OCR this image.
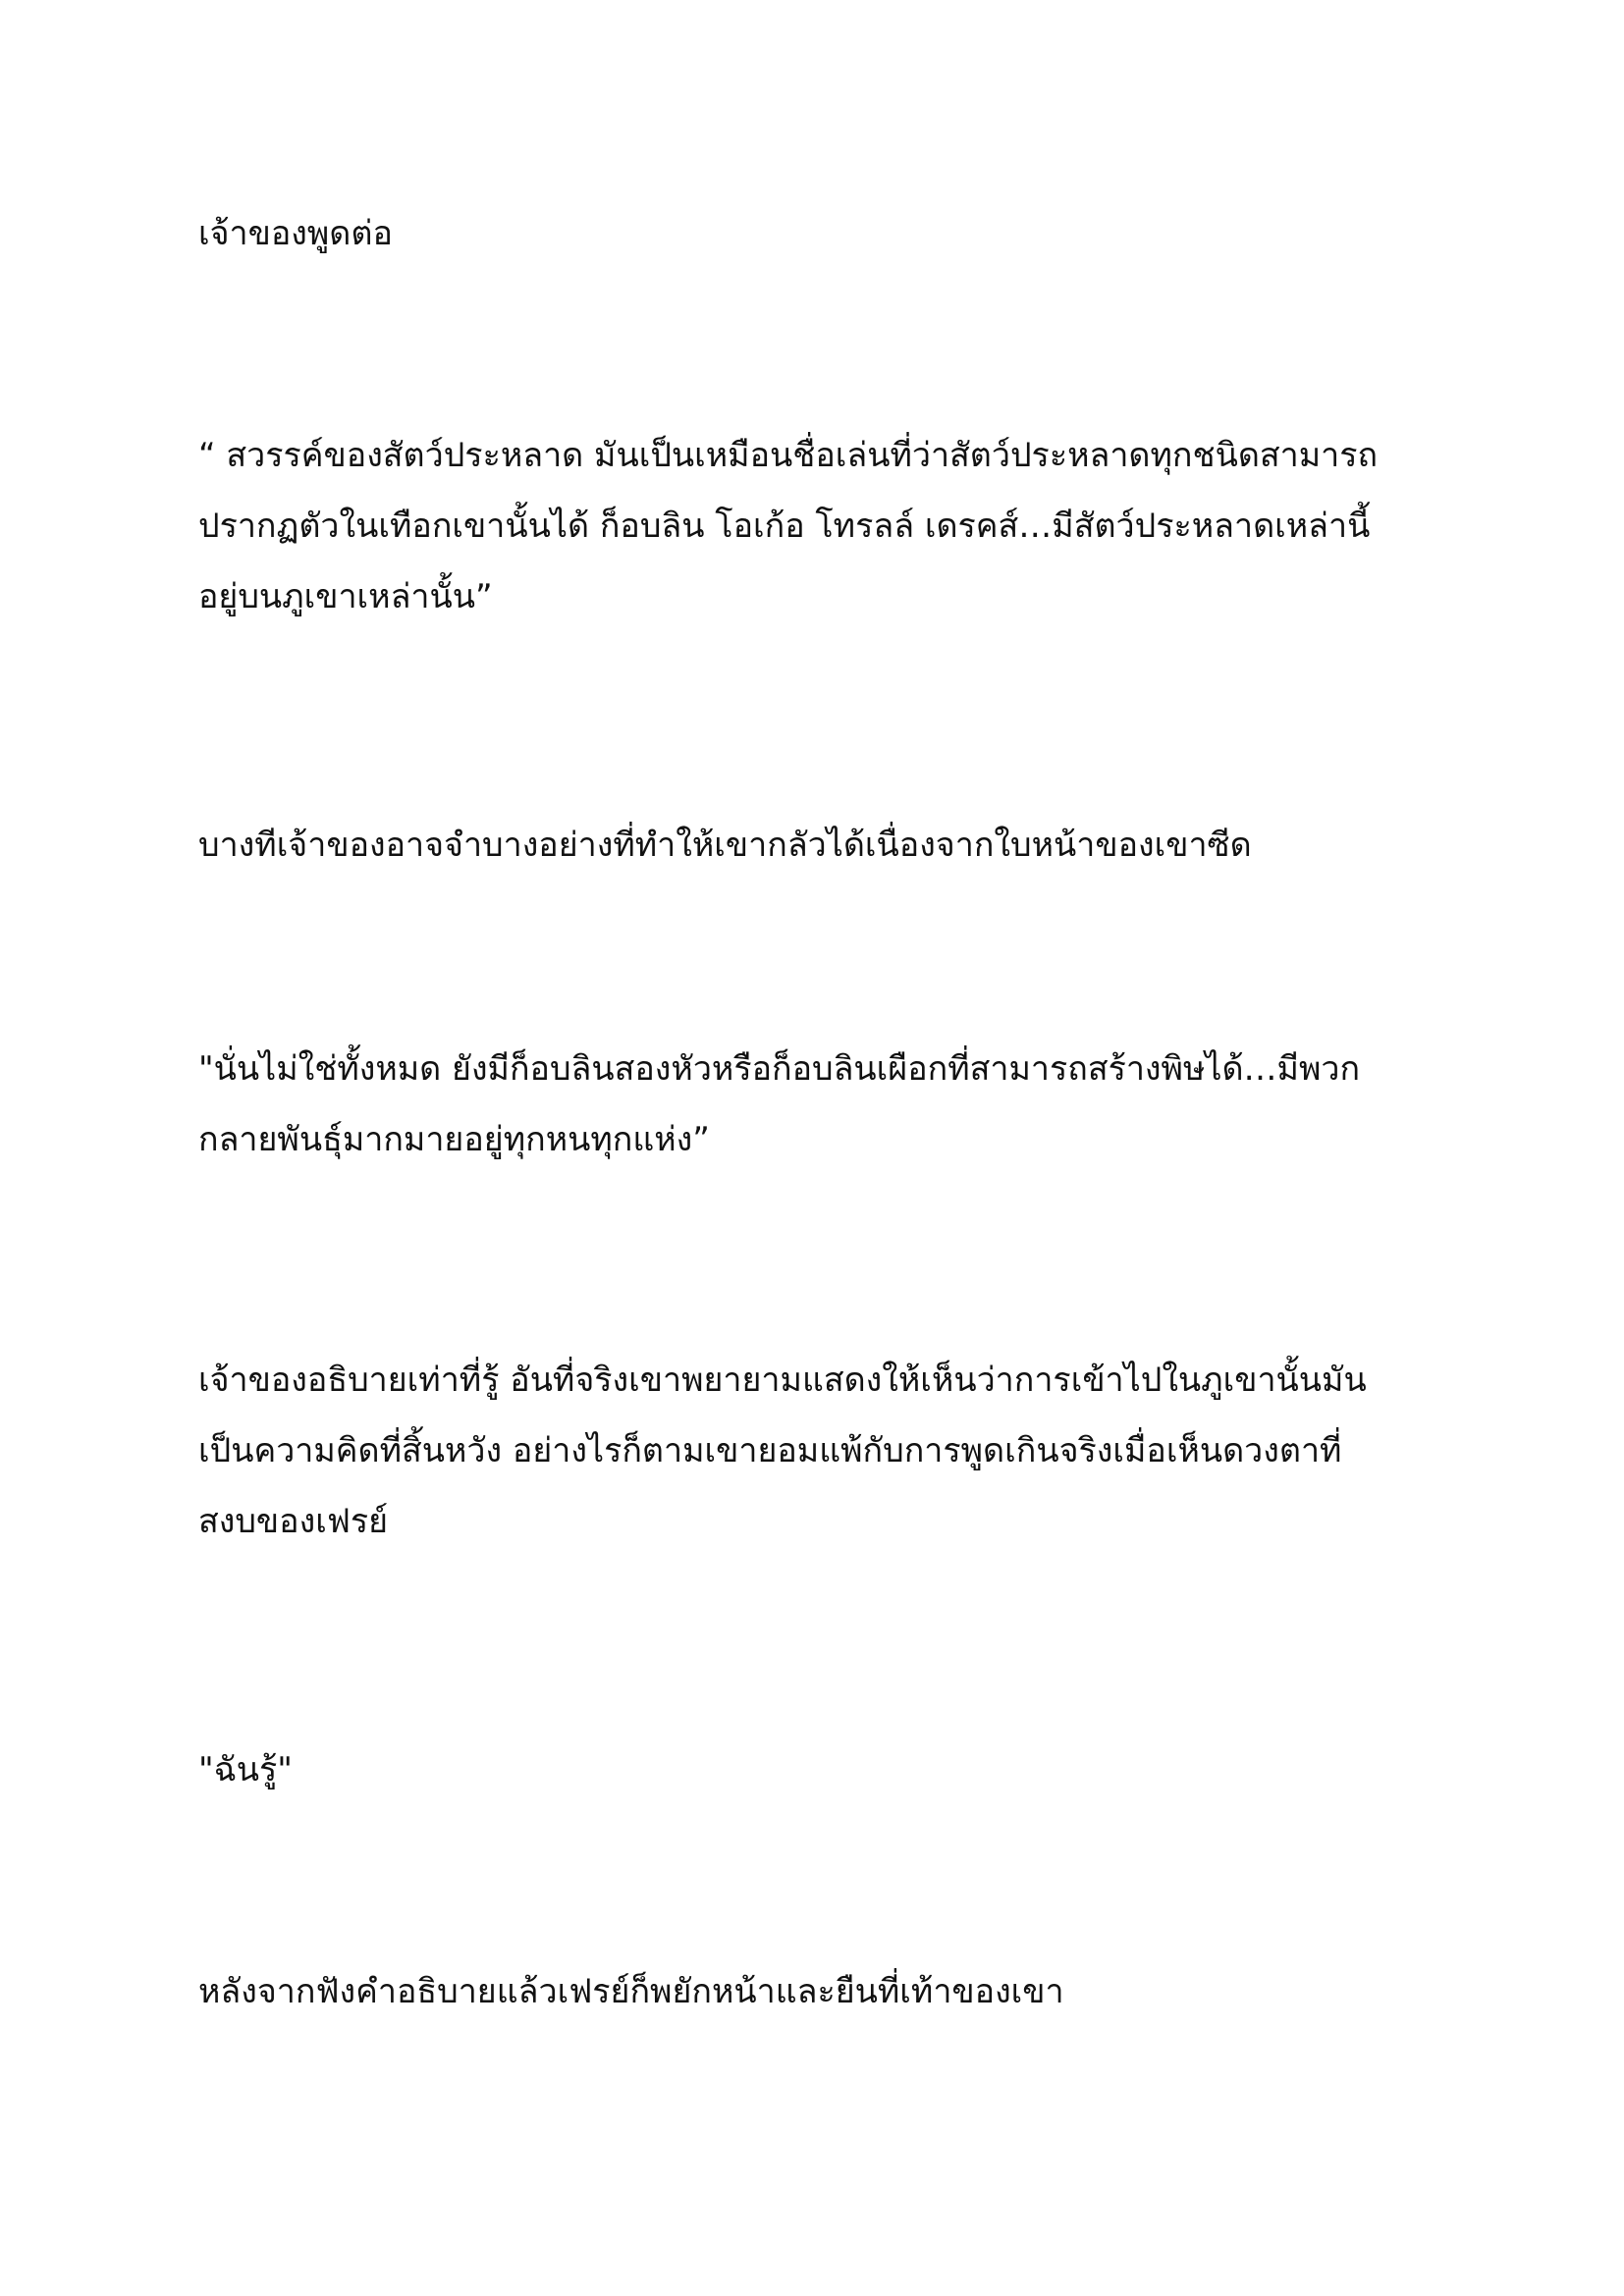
เจ้าของพูดต่อ

“ สวรรค์ของสัตว์ประหลาด มันเป็นเหมือนชื่อเล่นที่ว่าสัตว์ประหลาดทุกชนิดสามารถ
ปรากฏตัวในเทือกเขานั้นได้ ก็อบลิน โอเก้อ โทรลล์ เดรคส์…มีสัตว์ประหลาดเหล่านี้
อยู่บนภูเขาเหล่านั้น”

บางทีเจ้าของอาจจำบางอย่างที่ทำให้เขากลัวได้เนื่องจากใบหน้าของเขาซีด

"นั่นไม่ใช่ทั้งหมด ยังมีก็อบลินสองหัวหรือก็อบลินเผือกที่สามารถสร้างพิษได้…มีพวก
กลายพันธุ์มากมายอยู่ทุกหนทุกแห่ง”

เจ้าของอธิบายเท่าที่รู้ อันที่จริงเขาพยายามแสดงให้เห็นว่าการเข้าไปในภูเขานั้นมัน
เป็นความคิดที่สิ้นหวัง อย่างไรก็ตามเขายอมแพ้กับการพูดเกินจริงเมื่อเห็นดวงตาที่
สงบของเฟรย์

"ฉันรู้"

หลังจากฟังคำอธิบายแล้วเฟรย์ก็พยักหน้าและยืนที่เท้าของเขา
